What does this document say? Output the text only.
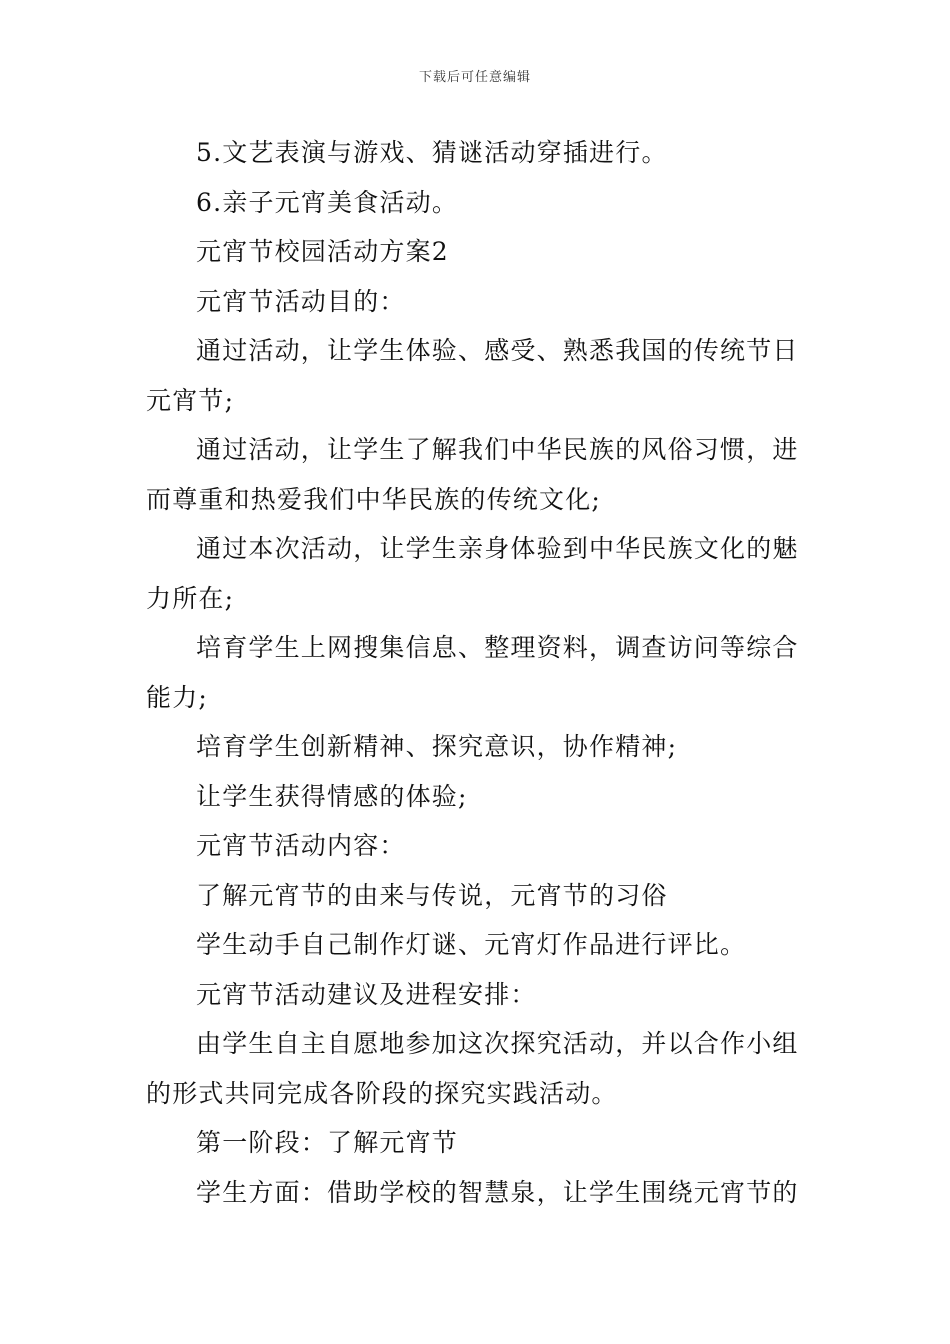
下载后可任意编辑

5.文艺表演与游戏、猜谜活动穿插进行。

6.亲子元宵美食活动。

元宵节校园活动方案2

元宵节活动目的：

通过活动，让学生体验、感受、熟悉我国的传统节日元宵节;

通过活动，让学生了解我们中华民族的风俗习惯，进而尊重和热爱我们中华民族的传统文化;

通过本次活动，让学生亲身体验到中华民族文化的魅力所在;

培育学生上网搜集信息、整理资料，调查访问等综合能力;

培育学生创新精神、探究意识，协作精神;

让学生获得情感的体验;

元宵节活动内容：

了解元宵节的由来与传说，元宵节的习俗

学生动手自己制作灯谜、元宵灯作品进行评比。

元宵节活动建议及进程安排：

由学生自主自愿地参加这次探究活动，并以合作小组的形式共同完成各阶段的探究实践活动。

第一阶段：了解元宵节

学生方面：借助学校的智慧泉，让学生围绕元宵节的
